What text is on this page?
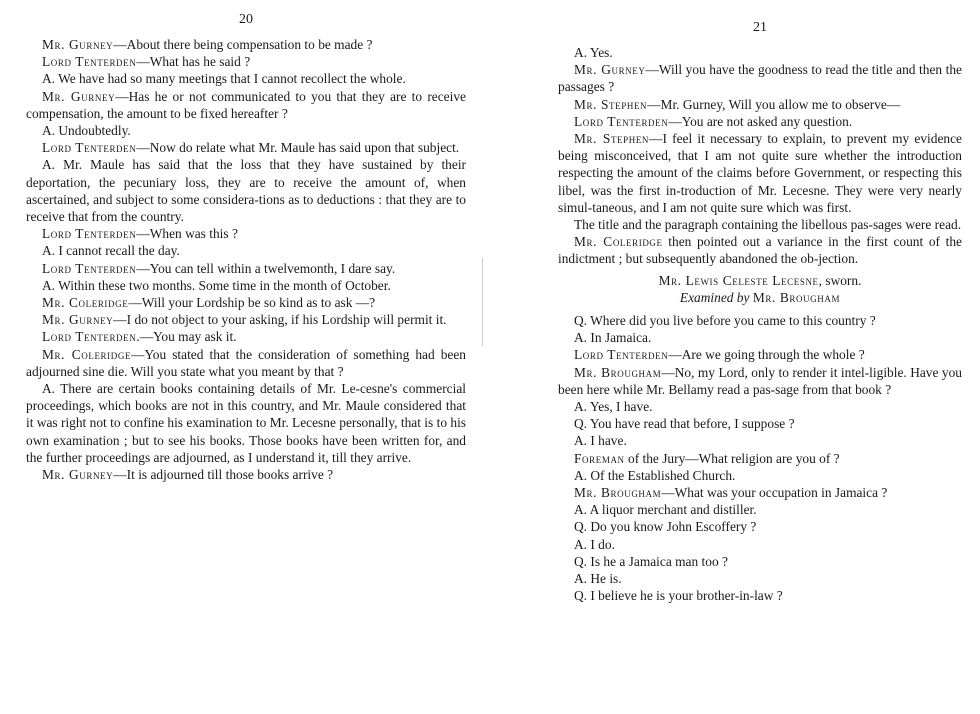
20

Mr. Gurney—About there being compensation to be made ?

Lord Tenterden—What has he said ?

A. We have had so many meetings that I cannot recollect the whole.

Mr. Gurney—Has he or not communicated to you that they are to receive compensation, the amount to be fixed hereafter ?

A. Undoubtedly.

Lord Tenterden—Now do relate what Mr. Maule has said upon that subject.

A. Mr. Maule has said that the loss that they have sustained by their deportation, the pecuniary loss, they are to receive the amount of, when ascertained, and subject to some considera-tions as to deductions : that they are to receive that from the country.

Lord Tenterden—When was this ?

A. I cannot recall the day.

Lord Tenterden—You can tell within a twelvemonth, I dare say.

A. Within these two months. Some time in the month of October.

Mr. Coleridge—Will your Lordship be so kind as to ask —?

Mr. Gurney—I do not object to your asking, if his Lordship will permit it.

Lord Tenterden.—You may ask it.

Mr. Coleridge—You stated that the consideration of something had been adjourned sine die. Will you state what you meant by that ?

A. There are certain books containing details of Mr. Le-cesne's commercial proceedings, which books are not in this country, and Mr. Maule considered that it was right not to confine his examination to Mr. Lecesne personally, that is to his own examination ; but to see his books. Those books have been written for, and the further proceedings are adjourned, as I understand it, till they arrive.

Mr. Gurney—It is adjourned till those books arrive ?

21

A. Yes.

Mr. Gurney—Will you have the goodness to read the title and then the passages ?

Mr. Stephen—Mr. Gurney, Will you allow me to observe—

Lord Tenterden—You are not asked any question.

Mr. Stephen—I feel it necessary to explain, to prevent my evidence being misconceived, that I am not quite sure whether the introduction respecting the amount of the claims before Government, or respecting this libel, was the first in-troduction of Mr. Lecesne. They were very nearly simul-taneous, and I am not quite sure which was first.

The title and the paragraph containing the libellous pas-sages were read.

Mr. Coleridge then pointed out a variance in the first count of the indictment ; but subsequently abandoned the ob-jection.

Mr. Lewis Celeste Lecesne, sworn.

Examined by Mr. Brougham

Q. Where did you live before you came to this country ?

A. In Jamaica.

Lord Tenterden—Are we going through the whole ?

Mr. Brougham—No, my Lord, only to render it intel-ligible. Have you been here while Mr. Bellamy read a pas-sage from that book ?

A. Yes, I have.

Q. You have read that before, I suppose ?

A. I have.

Foreman of the Jury—What religion are you of ?

A. Of the Established Church.

Mr. Brougham—What was your occupation in Jamaica ?

A. A liquor merchant and distiller.

Q. Do you know John Escoffery ?

A. I do.

Q. Is he a Jamaica man too ?

A. He is.

Q. I believe he is your brother-in-law ?
